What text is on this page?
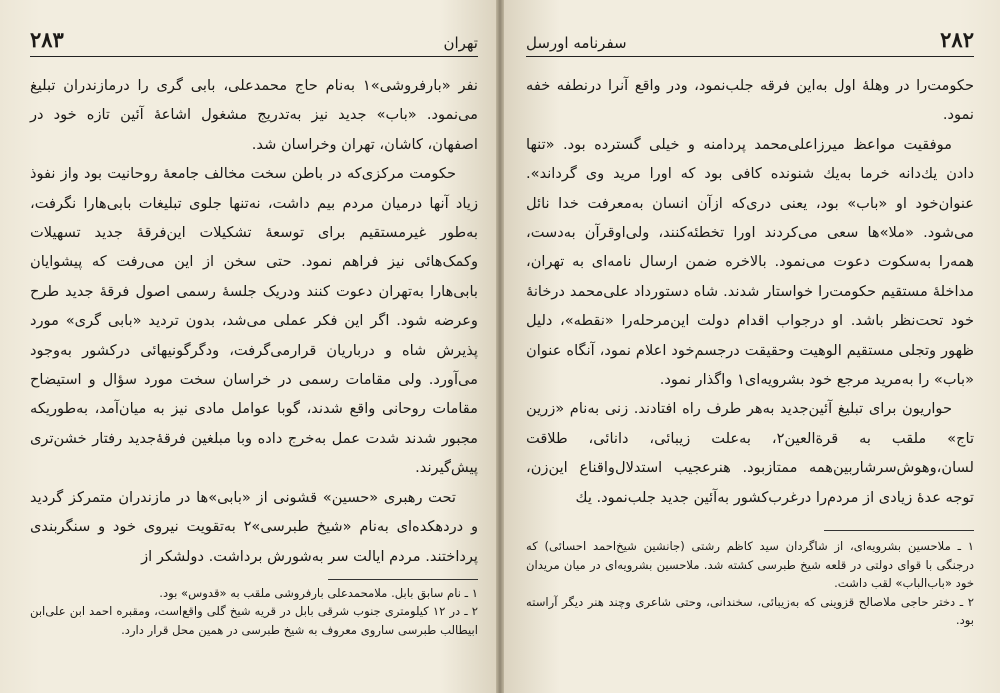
تهران
۲۸۳

نفر «بارفروشی»۱ به‌نام حاج محمدعلی، بابی گری را درمازندران تبلیغ می‌نمود. «باب» جدید نیز به‌تدریج مشغول اشاعهٔ آئین تازه خود در اصفهان، کاشان، تهران وخراسان شد.

حکومت مرکزی‌که در باطن سخت مخالف جامعهٔ روحانیت بود واز نفوذ زیاد آنها درمیان مردم بیم داشت، نه‌تنها جلوی تبلیغات بابی‌هارا نگرفت، به‌طور غیرمستقیم برای توسعهٔ تشکیلات این‌فرقهٔ جدید تسهیلات وکمک‌هائی نیز فراهم نمود. حتی سخن از این می‌رفت که پیشوایان بابی‌هارا به‌تهران دعوت کنند ودریک جلسهٔ رسمی اصول فرقهٔ جدید طرح وعرضه شود. اگر این فکر عملی می‌شد، بدون تردید «بابی گری» مورد پذیرش شاه و درباریان قرارمی‌گرفت، ودگرگونیهائی درکشور به‌وجود می‌آورد. ولی مقامات رسمی در خراسان سخت مورد سؤال و استیضاح مقامات روحانی واقع شدند، گوبا عوامل مادی نیز به میان‌آمد، به‌طوریکه مجبور شدند شدت عمل به‌خرج داده وبا مبلغین فرقهٔ‌جدید رفتار خشن‌تری پیش‌گیرند.

تحت رهبری «حسین» قشونی از «بابی»ها در مازندران متمرکز گردید و دردهکده‌ای به‌نام «شیخ طبرسی»۲ به‌تقویت نیروی خود و سنگربندی پرداختند. مردم ایالت سر به‌شورش برداشت. دولشکر از

۱ ـ نام سابق بابل. ملامحمدعلی بارفروشی ملقب به «قدوس» بود.

۲ ـ در ۱۲ کیلومتری جنوب شرقی بابل در قریه شیخ گلی واقع‌است، ومقبره احمد ابن علی‌ابن ابیطالب طبرسی ساروی معروف به شیخ طبرسی در همین محل قرار دارد.

۲۸۲
سفرنامه اورسل

حکومت‌را در وهلهٔ اول به‌این فرقه جلب‌نمود، ودر واقع آنرا درنطفه خفه نمود.

موفقیت مواعظ میرزاعلی‌محمد پردامنه و خیلی گسترده بود. «تنها دادن یك‌دانه خرما به‌یك شنونده کافی بود که اورا مرید وی گرداند». عنوان‌خود او «باب» بود، یعنی دری‌که ازآن انسان به‌معرفت خدا نائل می‌شود. «ملا»ها سعی می‌کردند اورا تخطئه‌کنند، ولی‌اوقرآن به‌دست، همه‌را به‌سکوت دعوت می‌نمود. بالاخره ضمن ارسال نامه‌ای به تهران، مداخلهٔ مستقیم حکومت‌را خواستار شدند. شاه دستورداد علی‌محمد درخانهٔ خود تحت‌نظر باشد. او درجواب اقدام دولت این‌مرحله‌را «نقطه»، دلیل ظهور وتجلی مستقیم الوهیت وحقیقت درجسم‌خود اعلام نمود، آنگاه عنوان «باب» را به‌مرید مرجع خود بشرویه‌ای۱ واگذار نمود.

حواریون برای تبلیغ آئین‌جدید به‌هر طرف راه افتادند. زنی به‌نام «زرین تاج» ملقب به قرةالعین۲، به‌علت زیبائی، دانائی، طلاقت لسان،وهوش‌سرشاربین‌همه ممتازبود. هنرعجیب استدلال‌واقناع این‌زن، توجه عدهٔ زیادی از مردم‌را درغرب‌کشور به‌آئین جدید جلب‌نمود. یك

۱ ـ ملاحسین بشرویه‌ای، از شاگردان سید کاظم رشتی (جانشین شیخ‌احمد احسائی) که درجنگی با قوای دولتی در قلعه شیخ طبرسی کشته شد. ملاحسین بشرویه‌ای در میان مریدان خود «باب‌الباب» لقب داشت.

۲ ـ دختر حاجی ملاصالح قزوینی که به‌زیبائی، سخندانی، وحتی شاعری وچند هنر دیگر آراسته بود.
